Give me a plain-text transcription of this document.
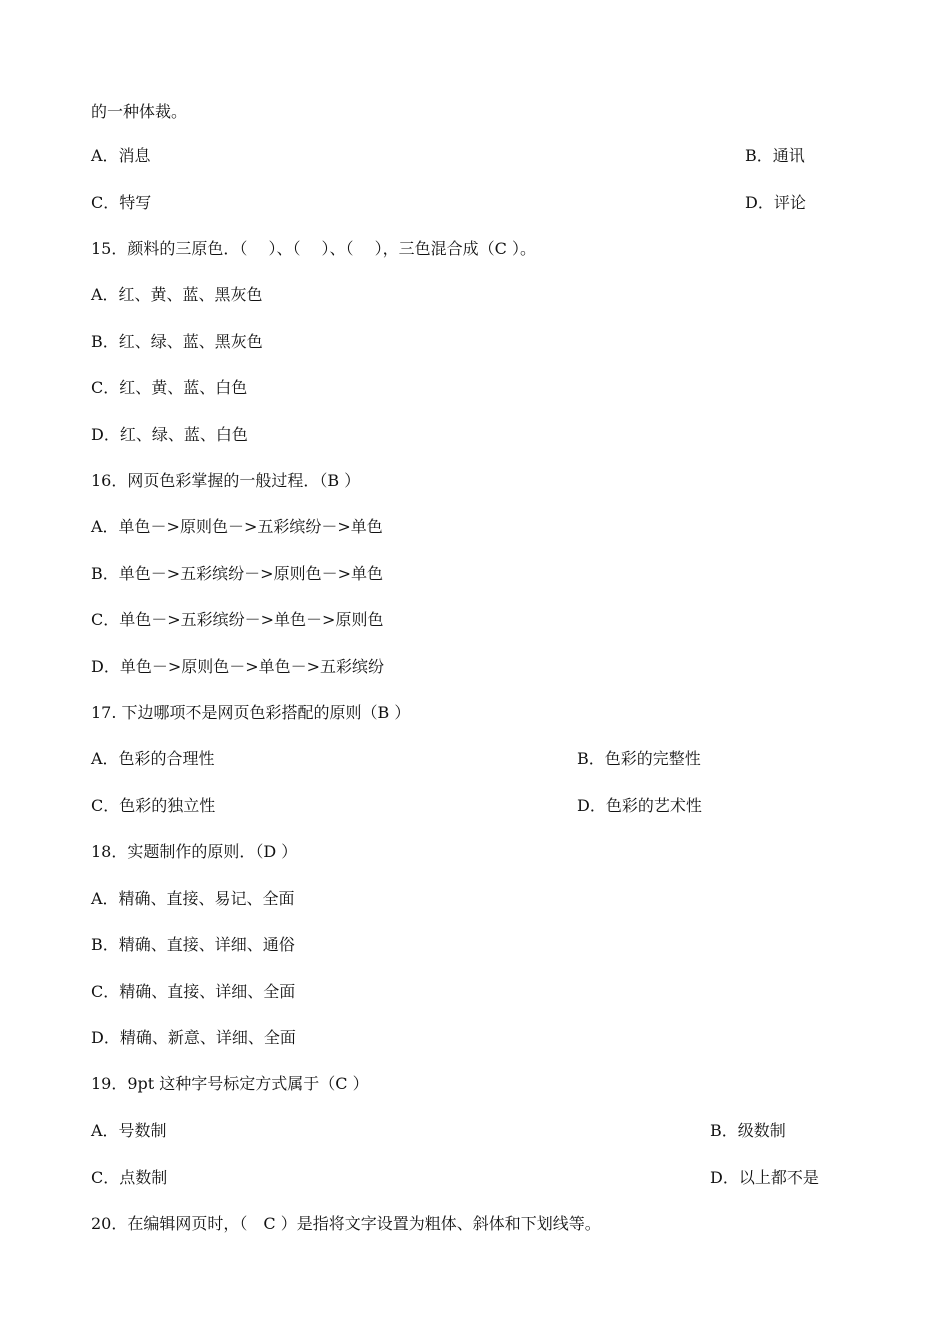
的一种体裁。
A．消息	B．通讯
C．特写	D．评论
15．颜料的三原色．（　 ）、（　 ）、（　 ），三色混合成（C ）。
A．红、黄、蓝、黑灰色
B．红、绿、蓝、黑灰色
C．红、黄、蓝、白色
D．红、绿、蓝、白色
16．网页色彩掌握的一般过程．（B ）
A．单色－>原则色－>五彩缤纷－>单色
B．单色－>五彩缤纷－>原则色－>单色
C．单色－>五彩缤纷－>单色－>原则色
D．单色－>原则色－>单色－>五彩缤纷
17. 下边哪项不是网页色彩搭配的原则（B ）
A．色彩的合理性	B．色彩的完整性
C．色彩的独立性	D．色彩的艺术性
18．实题制作的原则．（D ）
A．精确、直接、易记、全面
B．精确、直接、详细、通俗
C．精确、直接、详细、全面
D．精确、新意、详细、全面
19．9pt 这种字号标定方式属于（C ）
A．号数制	B．级数制
C．点数制	D．以上都不是
20．在编辑网页时，（　C ）是指将文字设置为粗体、斜体和下划线等。
